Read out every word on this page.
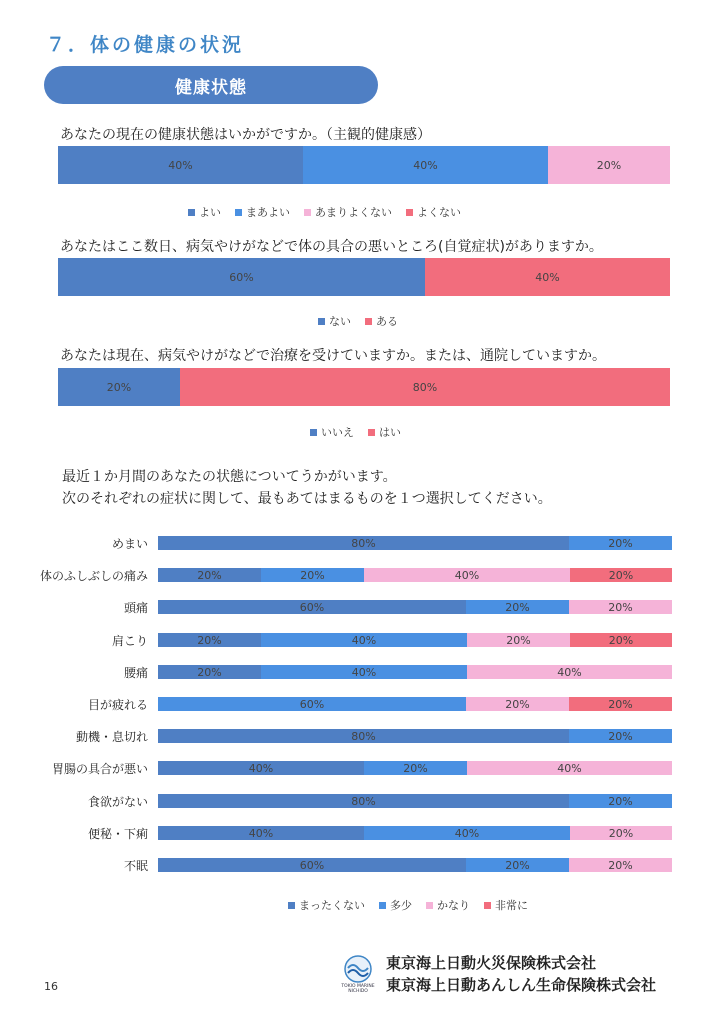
７．体の健康の状況
健康状態
あなたの現在の健康状態はいかがですか。（主観的健康感）
40%	40%	20%
よい まあよい あまりよくない よくない
あなたはここ数日、病気やけがなどで体の具合の悪いところ(自覚症状)がありますか。
60%	40%
ない ある
あなたは現在、病気やけがなどで治療を受けていますか。または、通院していますか。
20%	80%
いいえ はい
最近１か月間のあなたの状態についてうかがいます。
次のそれぞれの症状に関して、最もあてはまるものを１つ選択してください。
めまい	80%	20%
体のふしぶしの痛み	20%	20%	40%	20%
頭痛	60%	20%	20%
肩こり	20%	40%	20%	20%
腰痛	20%	40%	40%
目が疲れる	60%	20%	20%
動機・息切れ	80%	20%
胃腸の具合が悪い	40%	20%	40%
食欲がない	80%	20%
便秘・下痢	40%	40%	20%
不眠	60%	20%	20%
まったくない 多少 かなり 非常に
16	TOKIO MARINE
NICHIDO
東京海上日動火災保険株式会社
東京海上日動あんしん生命保険株式会社
